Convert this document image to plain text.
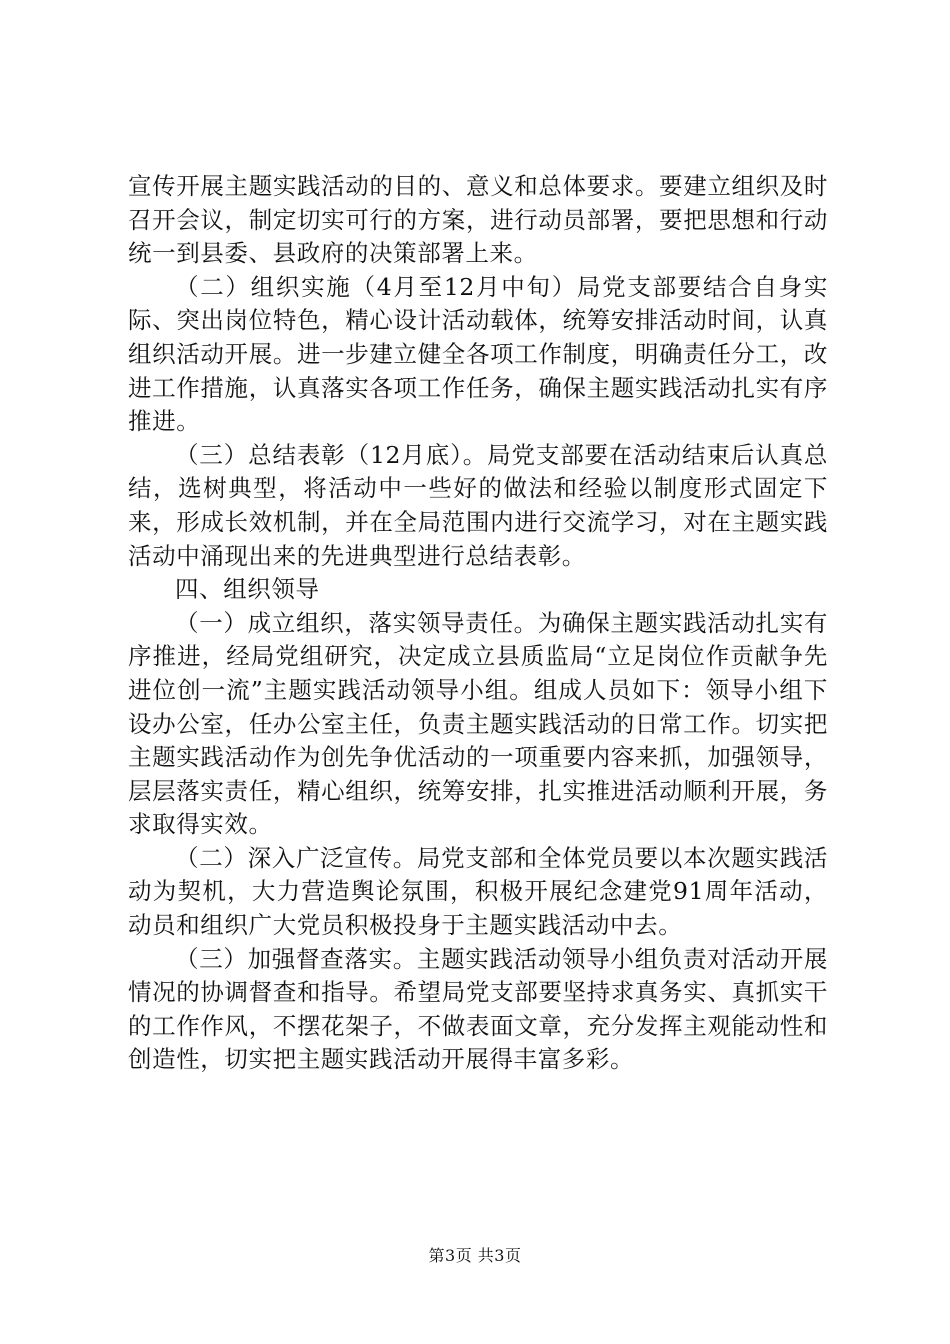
宣传开展主题实践活动的目的、意义和总体要求。要建立组织及时召开会议，制定切实可行的方案，进行动员部署，要把思想和行动统一到县委、县政府的决策部署上来。

（二）组织实施（4月至12月中旬）局党支部要结合自身实际、突出岗位特色，精心设计活动载体，统筹安排活动时间，认真组织活动开展。进一步建立健全各项工作制度，明确责任分工，改进工作措施，认真落实各项工作任务，确保主题实践活动扎实有序推进。

（三）总结表彰（12月底）。局党支部要在活动结束后认真总结，选树典型，将活动中一些好的做法和经验以制度形式固定下来，形成长效机制，并在全局范围内进行交流学习，对在主题实践活动中涌现出来的先进典型进行总结表彰。

四、组织领导

（一）成立组织，落实领导责任。为确保主题实践活动扎实有序推进，经局党组研究，决定成立县质监局“立足岗位作贡献争先进位创一流”主题实践活动领导小组。组成人员如下：领导小组下设办公室，任办公室主任，负责主题实践活动的日常工作。切实把主题实践活动作为创先争优活动的一项重要内容来抓，加强领导，层层落实责任，精心组织，统筹安排，扎实推进活动顺利开展，务求取得实效。

（二）深入广泛宣传。局党支部和全体党员要以本次题实践活动为契机，大力营造舆论氛围，积极开展纪念建党91周年活动，动员和组织广大党员积极投身于主题实践活动中去。

（三）加强督查落实。主题实践活动领导小组负责对活动开展情况的协调督查和指导。希望局党支部要坚持求真务实、真抓实干的工作作风，不摆花架子，不做表面文章，充分发挥主观能动性和创造性，切实把主题实践活动开展得丰富多彩。

第3页 共3页
